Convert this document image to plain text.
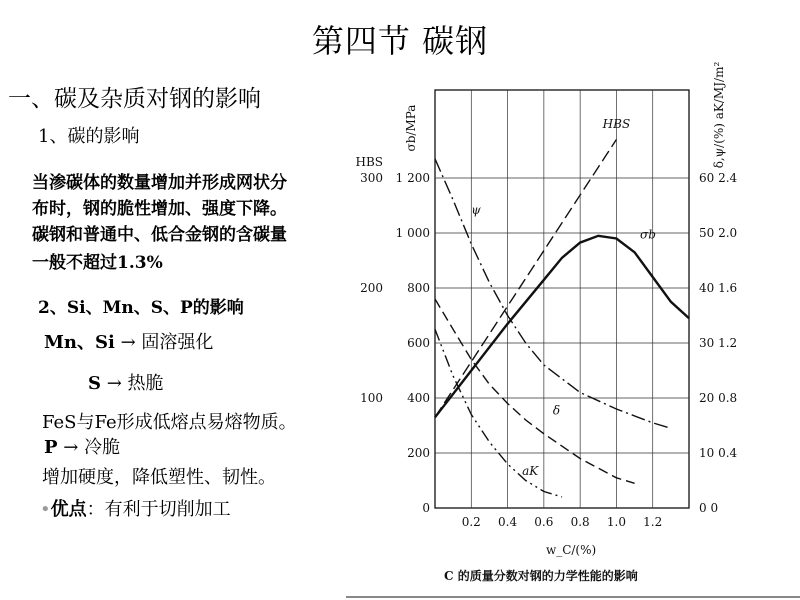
第四节 碳钢
一、碳及杂质对钢的影响
1、碳的影响
当渗碳体的数量增加并形成网状分
布时，钢的脆性增加、强度下降。
碳钢和普通中、低合金钢的含碳量
一般不超过1.3%
2、Si、Mn、S、P的影响
Mn、Si → 固溶强化
S → 热脆
FeS与Fe形成低熔点易熔物质。
P → 冷脆
增加硬度，降低塑性、韧性。
•优点：有利于切削加工
1 200
1 000
800
600
400
200
0
300
200
100
HBS
σb/MPa
60 2.4
50 2.0
40 1.6
30 1.2
20 0.8
10 0.4
0 0
δ,ψ/(%) aK/MJ/m²
0.2 0.4 0.6 0.8 1.0 1.2
w_C/(%)
HBS
σb
ψ
δ
aK
C 的质量分数对钢的力学性能的影响
